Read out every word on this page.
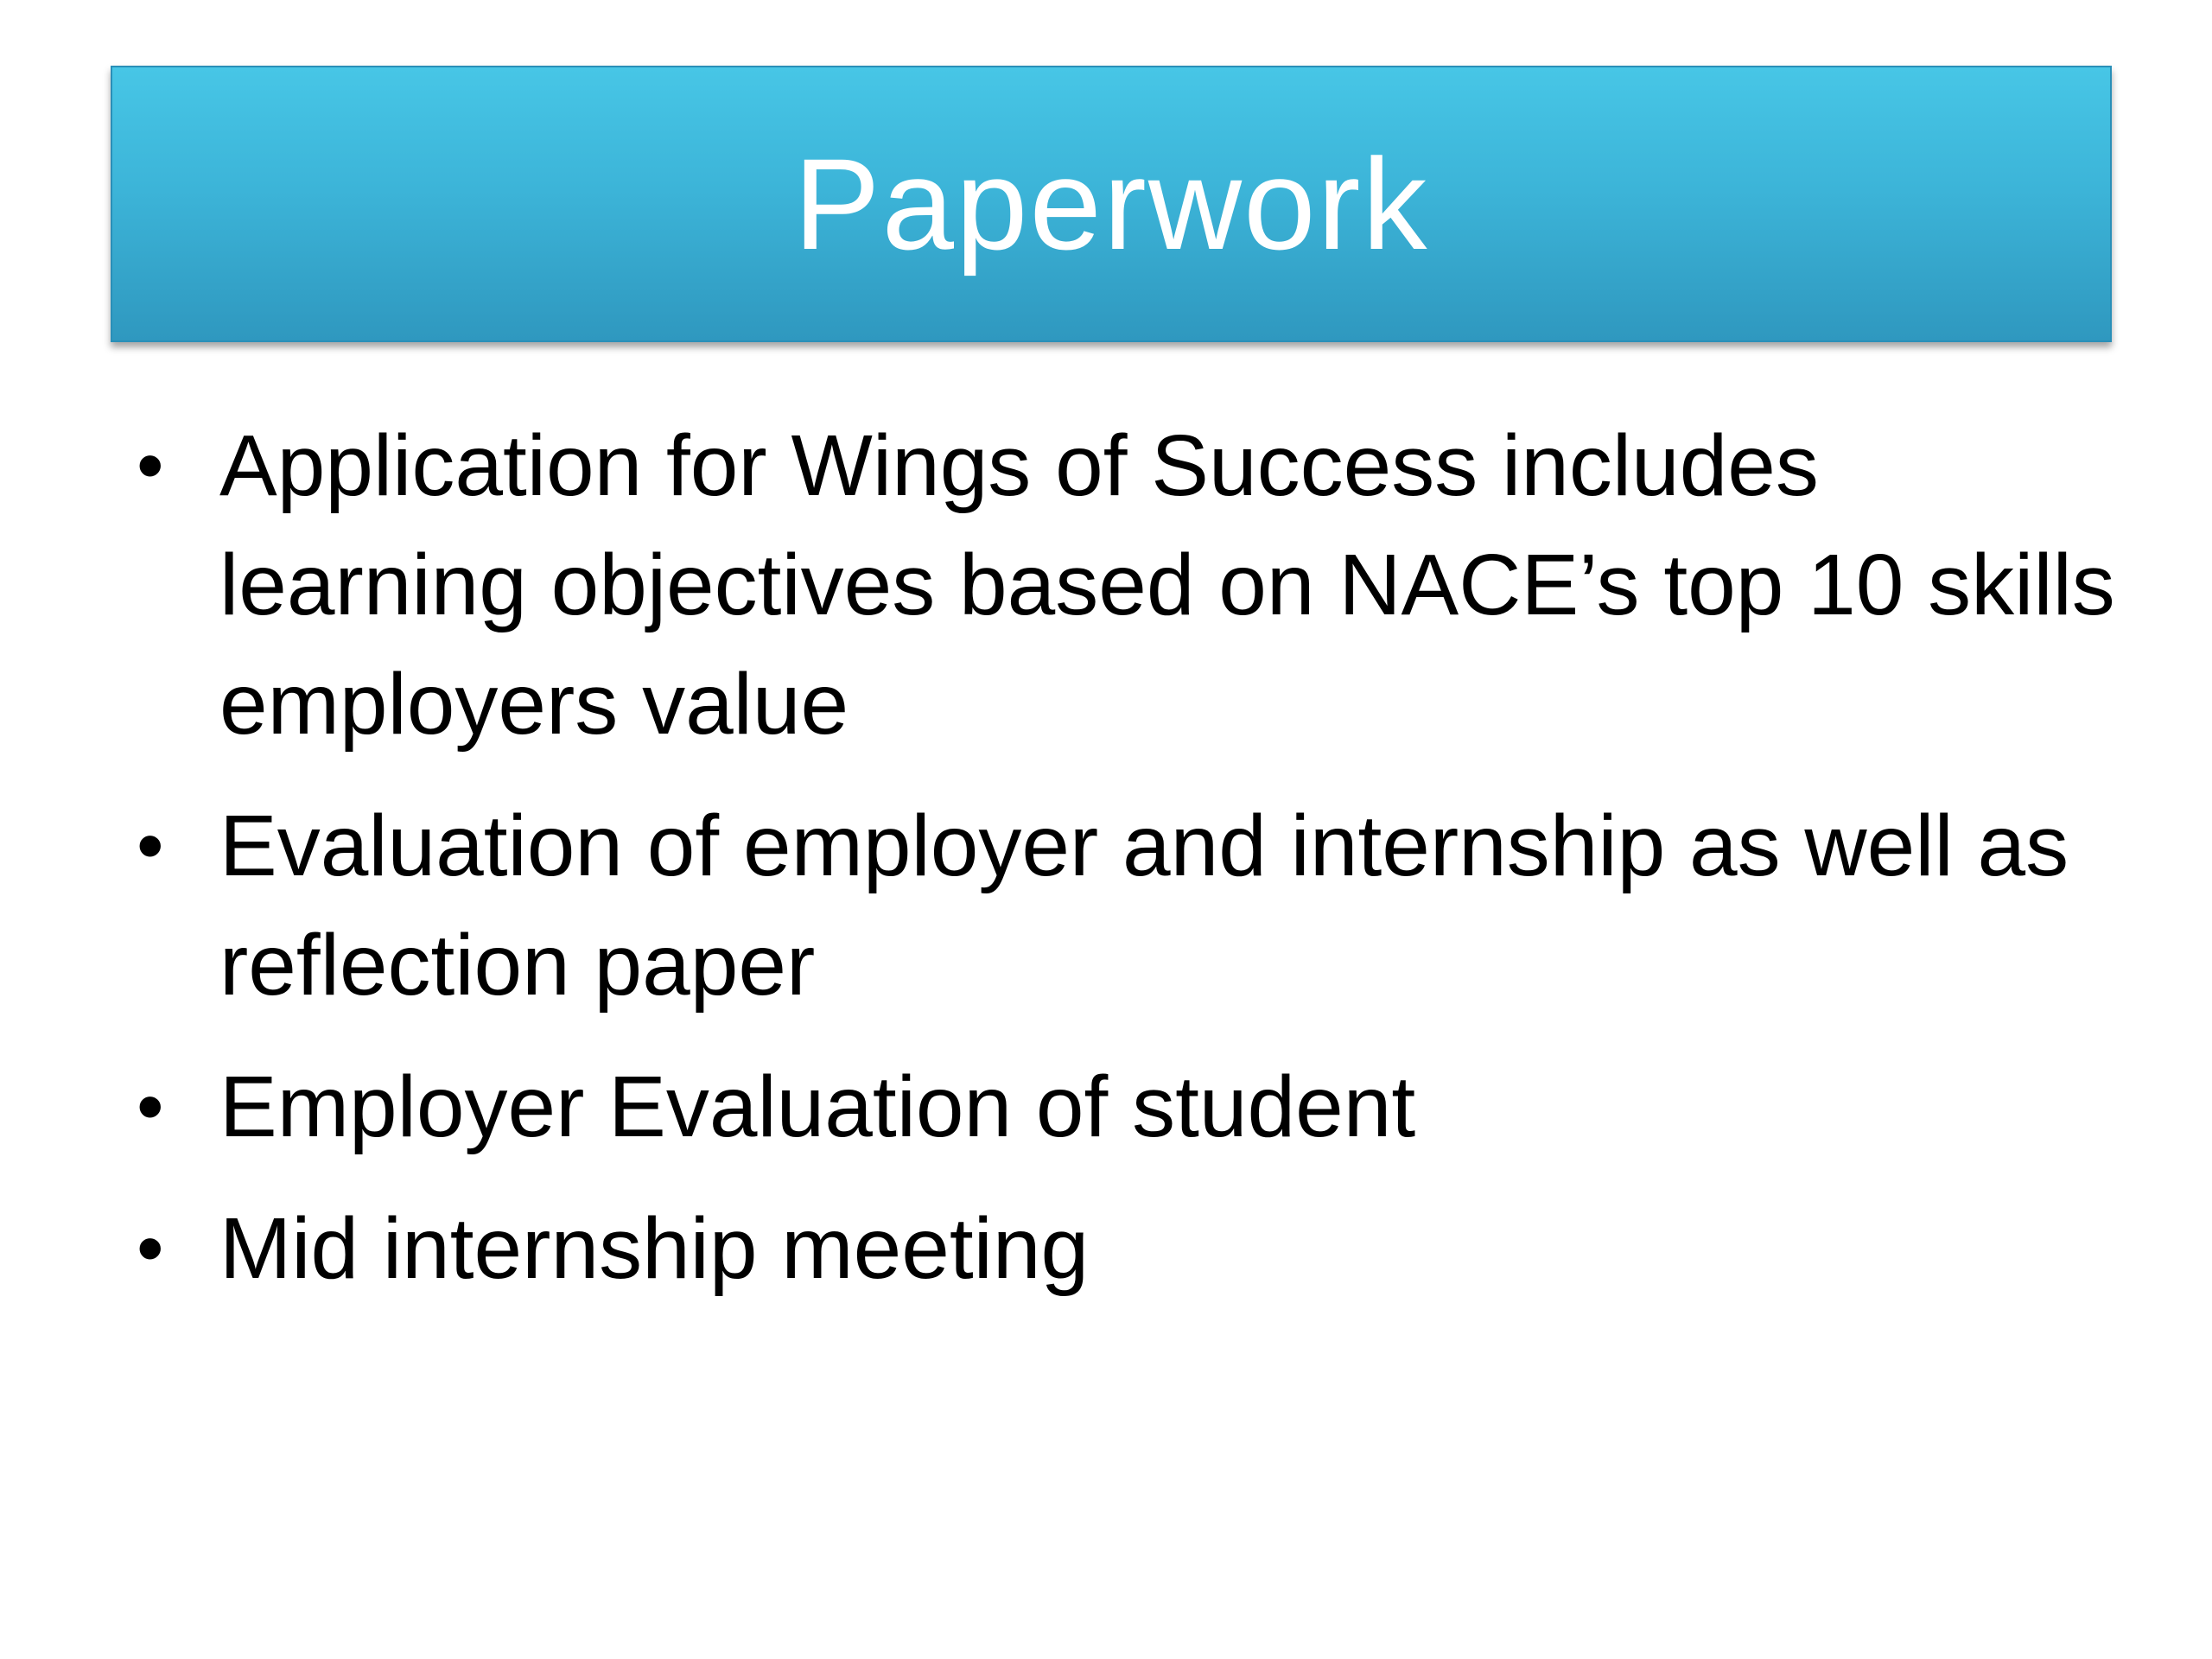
Paperwork
• Application for Wings of Success includes learning objectives based on NACE’s top 10 skills employers value
• Evaluation of employer and internship as well as reflection paper
• Employer Evaluation of student
• Mid internship meeting
